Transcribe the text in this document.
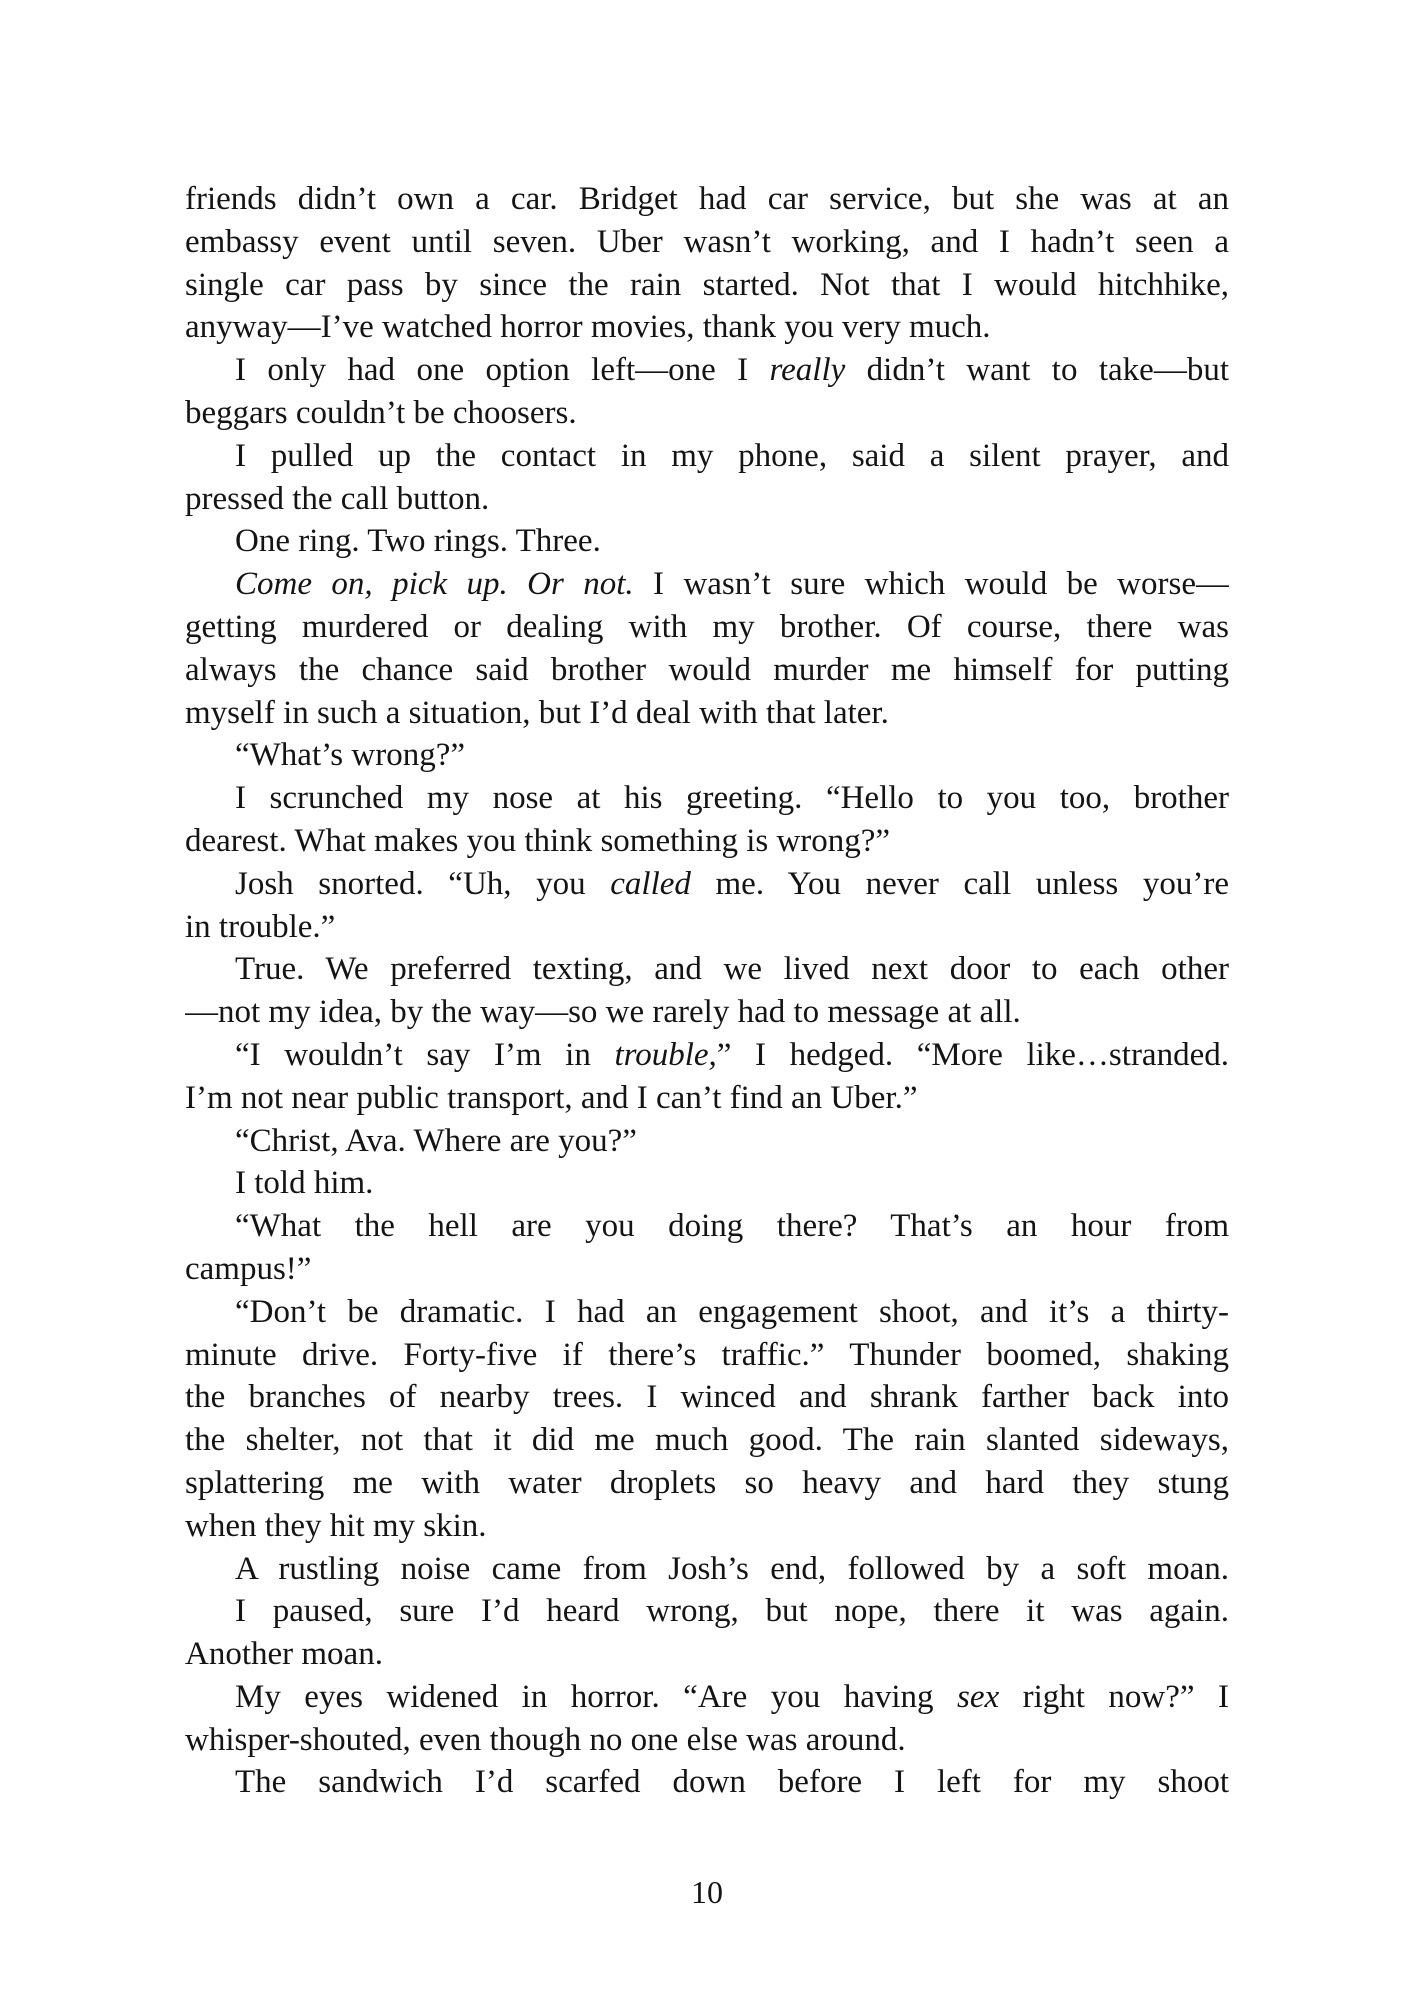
friends didn’t own a car. Bridget had car service, but she was at an
embassy event until seven. Uber wasn’t working, and I hadn’t seen a
single car pass by since the rain started. Not that I would hitchhike,
anyway—I’ve watched horror movies, thank you very much.
I only had one option left—one I really didn’t want to take—but
beggars couldn’t be choosers.
I pulled up the contact in my phone, said a silent prayer, and
pressed the call button.
One ring. Two rings. Three.
Come on, pick up. Or not. I wasn’t sure which would be worse—
getting murdered or dealing with my brother. Of course, there was
always the chance said brother would murder me himself for putting
myself in such a situation, but I’d deal with that later.
“What’s wrong?”
I scrunched my nose at his greeting. “Hello to you too, brother
dearest. What makes you think something is wrong?”
Josh snorted. “Uh, you called me. You never call unless you’re
in trouble.”
True. We preferred texting, and we lived next door to each other
—not my idea, by the way—so we rarely had to message at all.
“I wouldn’t say I’m in trouble,” I hedged. “More like…stranded.
I’m not near public transport, and I can’t find an Uber.”
“Christ, Ava. Where are you?”
I told him.
“What the hell are you doing there? That’s an hour from
campus!”
“Don’t be dramatic. I had an engagement shoot, and it’s a thirty-
minute drive. Forty-five if there’s traffic.” Thunder boomed, shaking
the branches of nearby trees. I winced and shrank farther back into
the shelter, not that it did me much good. The rain slanted sideways,
splattering me with water droplets so heavy and hard they stung
when they hit my skin.
A rustling noise came from Josh’s end, followed by a soft moan.
I paused, sure I’d heard wrong, but nope, there it was again.
Another moan.
My eyes widened in horror. “Are you having sex right now?” I
whisper-shouted, even though no one else was around.
The sandwich I’d scarfed down before I left for my shoot
10
